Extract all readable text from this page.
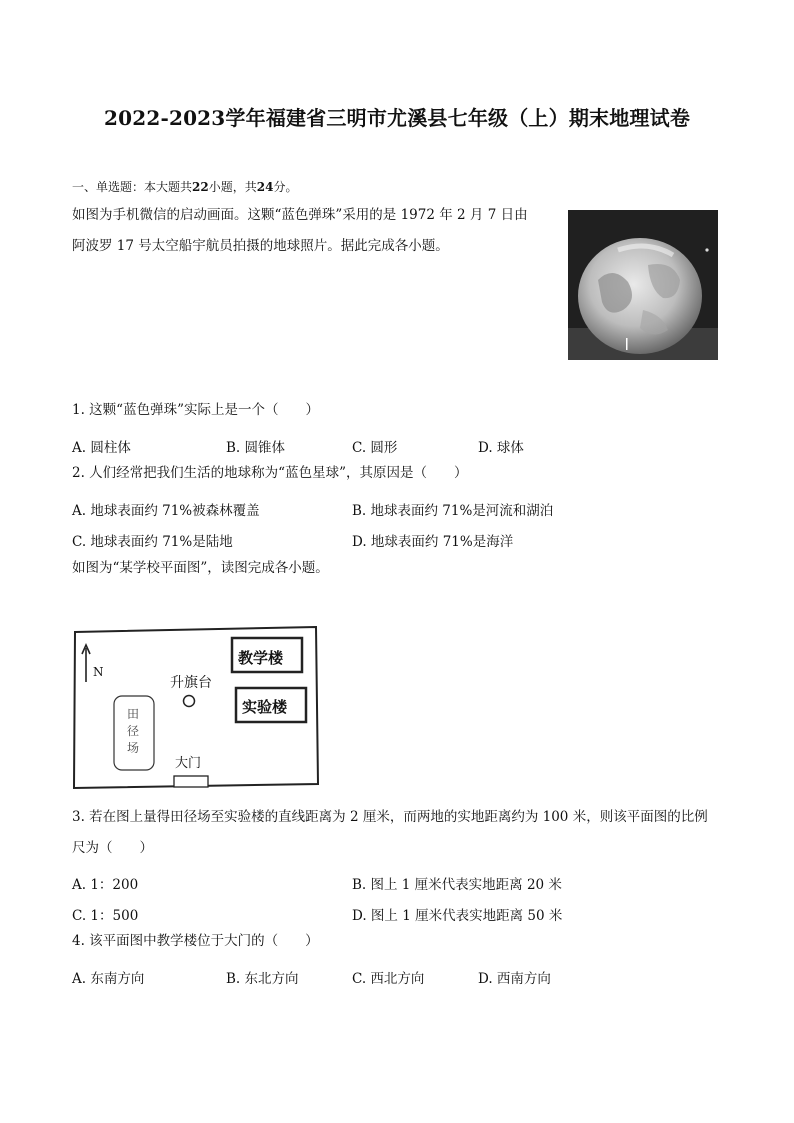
2022-2023学年福建省三明市尤溪县七年级（上）期末地理试卷
一、单选题：本大题共22小题，共24分。
如图为手机微信的启动画面。这颗“蓝色弹珠”采用的是 1972 年 2 月 7 日由
阿波罗 17 号太空船宇航员拍摄的地球照片。据此完成各小题。
1. 这颗“蓝色弹珠”实际上是一个（　　）
A. 圆柱体	B. 圆锥体	C. 圆形	D. 球体
2. 人们经常把我们生活的地球称为“蓝色星球”，其原因是（　　）
A. 地球表面约 71%被森林覆盖	B. 地球表面约 71%是河流和湖泊
C. 地球表面约 71%是陆地	D. 地球表面约 71%是海洋
如图为“某学校平面图”，读图完成各小题。
N
升旗台
教学楼
实验楼
田径场
大门
3. 若在图上量得田径场至实验楼的直线距离为 2 厘米，而两地的实地距离约为 100 米，则该平面图的比例
尺为（　　）
A. 1：200	B. 图上 1 厘米代表实地距离 20 米
C. 1：500	D. 图上 1 厘米代表实地距离 50 米
4. 该平面图中教学楼位于大门的（　　）
A. 东南方向	B. 东北方向	C. 西北方向	D. 西南方向
